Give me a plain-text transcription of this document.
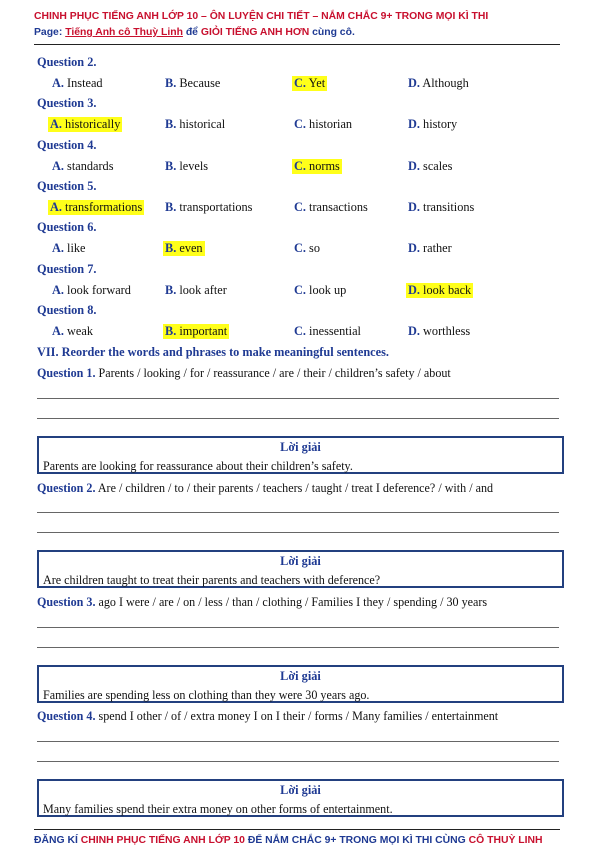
CHINH PHỤC TIẾNG ANH LỚP 10 – ÔN LUYỆN CHI TIẾT – NẮM CHẮC 9+ TRONG MỌI KÌ THI
Page: Tiếng Anh cô Thuỳ Linh để GIỎI TIẾNG ANH HƠN cùng cô.
Question 2.
A. Instead	B. Because	C. Yet	D. Although
Question 3.
A. historically	B. historical	C. historian	D. history
Question 4.
A. standards	B. levels	C. norms	D. scales
Question 5.
A. transformations B. transportations	C. transactions	D. transitions
Question 6.
A. like	B. even	C. so	D. rather
Question 7.
A. look forward	B. look after	C. look up	D. look back
Question 8.
A. weak	B. important	C. inessential	D. worthless
VII. Reorder the words and phrases to make meaningful sentences.
Question 1. Parents / looking / for / reassurance / are / their / children’s safety / about
Lời giải
Parents are looking for reassurance about their children’s safety.
Question 2. Are / children / to / their parents / teachers / taught / treat I deference? / with / and
Lời giải
Are children taught to treat their parents and teachers with deference?
Question 3. ago I were / are / on / less / than / clothing / Families I they / spending / 30 years
Lời giải
Families are spending less on clothing than they were 30 years ago.
Question 4. spend I other / of / extra money I on I their / forms / Many families / entertainment
Lời giải
Many families spend their extra money on other forms of entertainment.
ĐĂNG KÍ CHINH PHỤC TIẾNG ANH LỚP 10 ĐỂ NẮM CHẮC 9+ TRONG MỌI KÌ THI CÙNG CÔ THUỲ LINH
